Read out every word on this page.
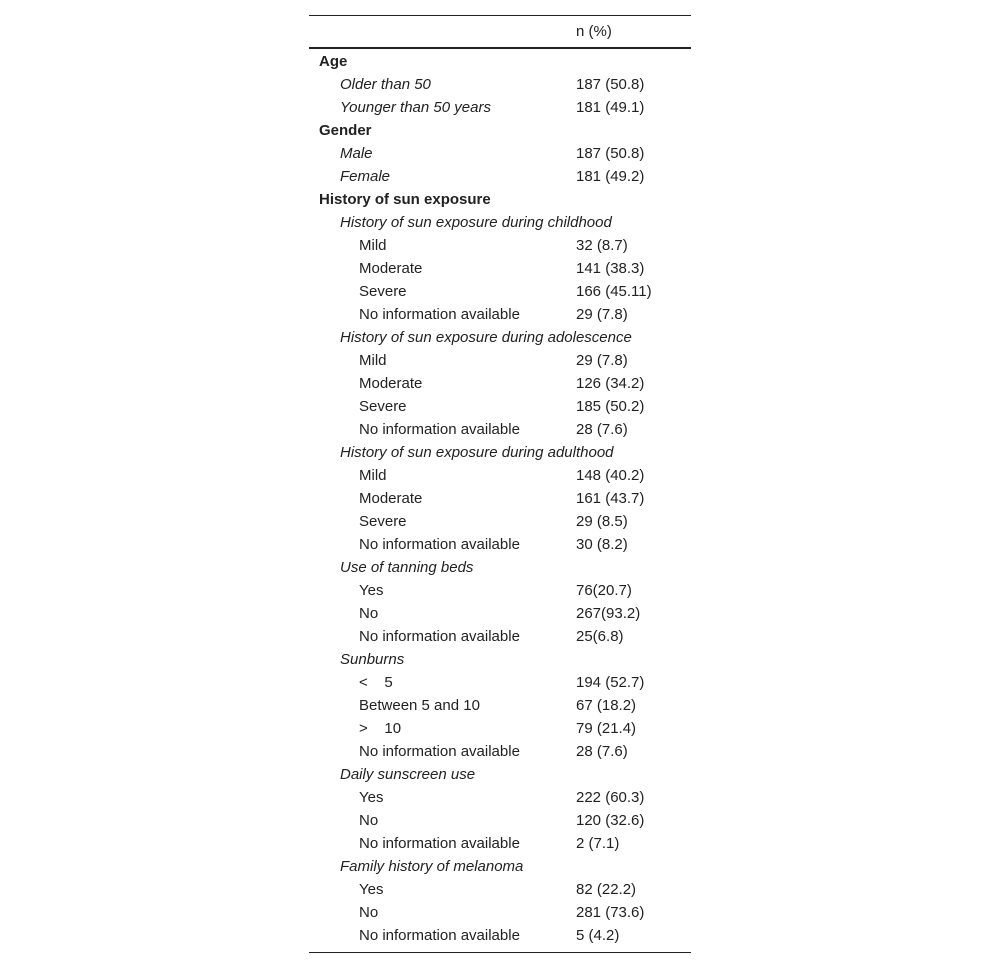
n (%)
Age
Older than 50	187 (50.8)
Younger than 50 years	181 (49.1)
Gender
Male	187 (50.8)
Female	181 (49.2)
History of sun exposure
History of sun exposure during childhood
Mild	32 (8.7)
Moderate	141 (38.3)
Severe	166 (45.11)
No information available	29 (7.8)
History of sun exposure during adolescence
Mild	29 (7.8)
Moderate	126 (34.2)
Severe	185 (50.2)
No information available	28 (7.6)
History of sun exposure during adulthood
Mild	148 (40.2)
Moderate	161 (43.7)
Severe	29 (8.5)
No information available	30 (8.2)
Use of tanning beds
Yes	76(20.7)
No	267(93.2)
No information available	25(6.8)
Sunburns
<    5	194 (52.7)
Between 5 and 10	67 (18.2)
>    10	79 (21.4)
No information available	28 (7.6)
Daily sunscreen use
Yes	222 (60.3)
No	120 (32.6)
No information available	2 (7.1)
Family history of melanoma
Yes	82 (22.2)
No	281 (73.6)
No information available	5 (4.2)
